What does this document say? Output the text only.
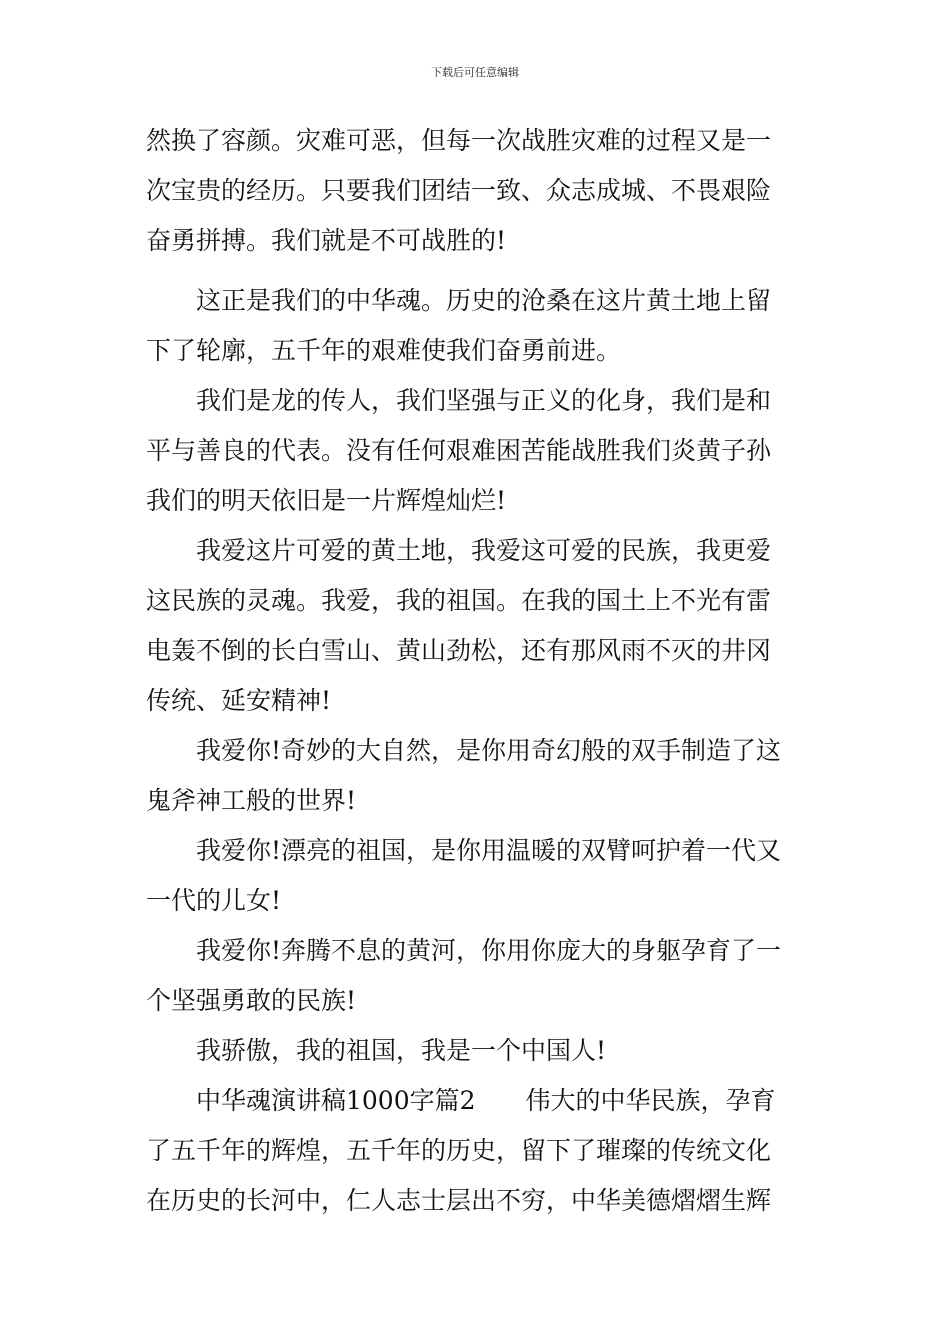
下载后可任意编辑
然换了容颜。灾难可恶，但每一次战胜灾难的过程又是一
次宝贵的经历。只要我们团结一致、众志成城、不畏艰险
奋勇拼搏。我们就是不可战胜的!
这正是我们的中华魂。历史的沧桑在这片黄土地上留
下了轮廓，五千年的艰难使我们奋勇前进。
我们是龙的传人，我们坚强与正义的化身，我们是和
平与善良的代表。没有任何艰难困苦能战胜我们炎黄子孙
我们的明天依旧是一片辉煌灿烂!
我爱这片可爱的黄土地，我爱这可爱的民族，我更爱
这民族的灵魂。我爱，我的祖国。在我的国土上不光有雷
电轰不倒的长白雪山、黄山劲松，还有那风雨不灭的井冈
传统、延安精神!
我爱你!奇妙的大自然，是你用奇幻般的双手制造了这
鬼斧神工般的世界!
我爱你!漂亮的祖国，是你用温暖的双臂呵护着一代又
一代的儿女!
我爱你!奔腾不息的黄河，你用你庞大的身躯孕育了一
个坚强勇敢的民族!
我骄傲，我的祖国，我是一个中国人!
中华魂演讲稿1000字篇2 伟大的中华民族，孕育
了五千年的辉煌，五千年的历史，留下了璀璨的传统文化
在历史的长河中，仁人志士层出不穷，中华美德熠熠生辉
